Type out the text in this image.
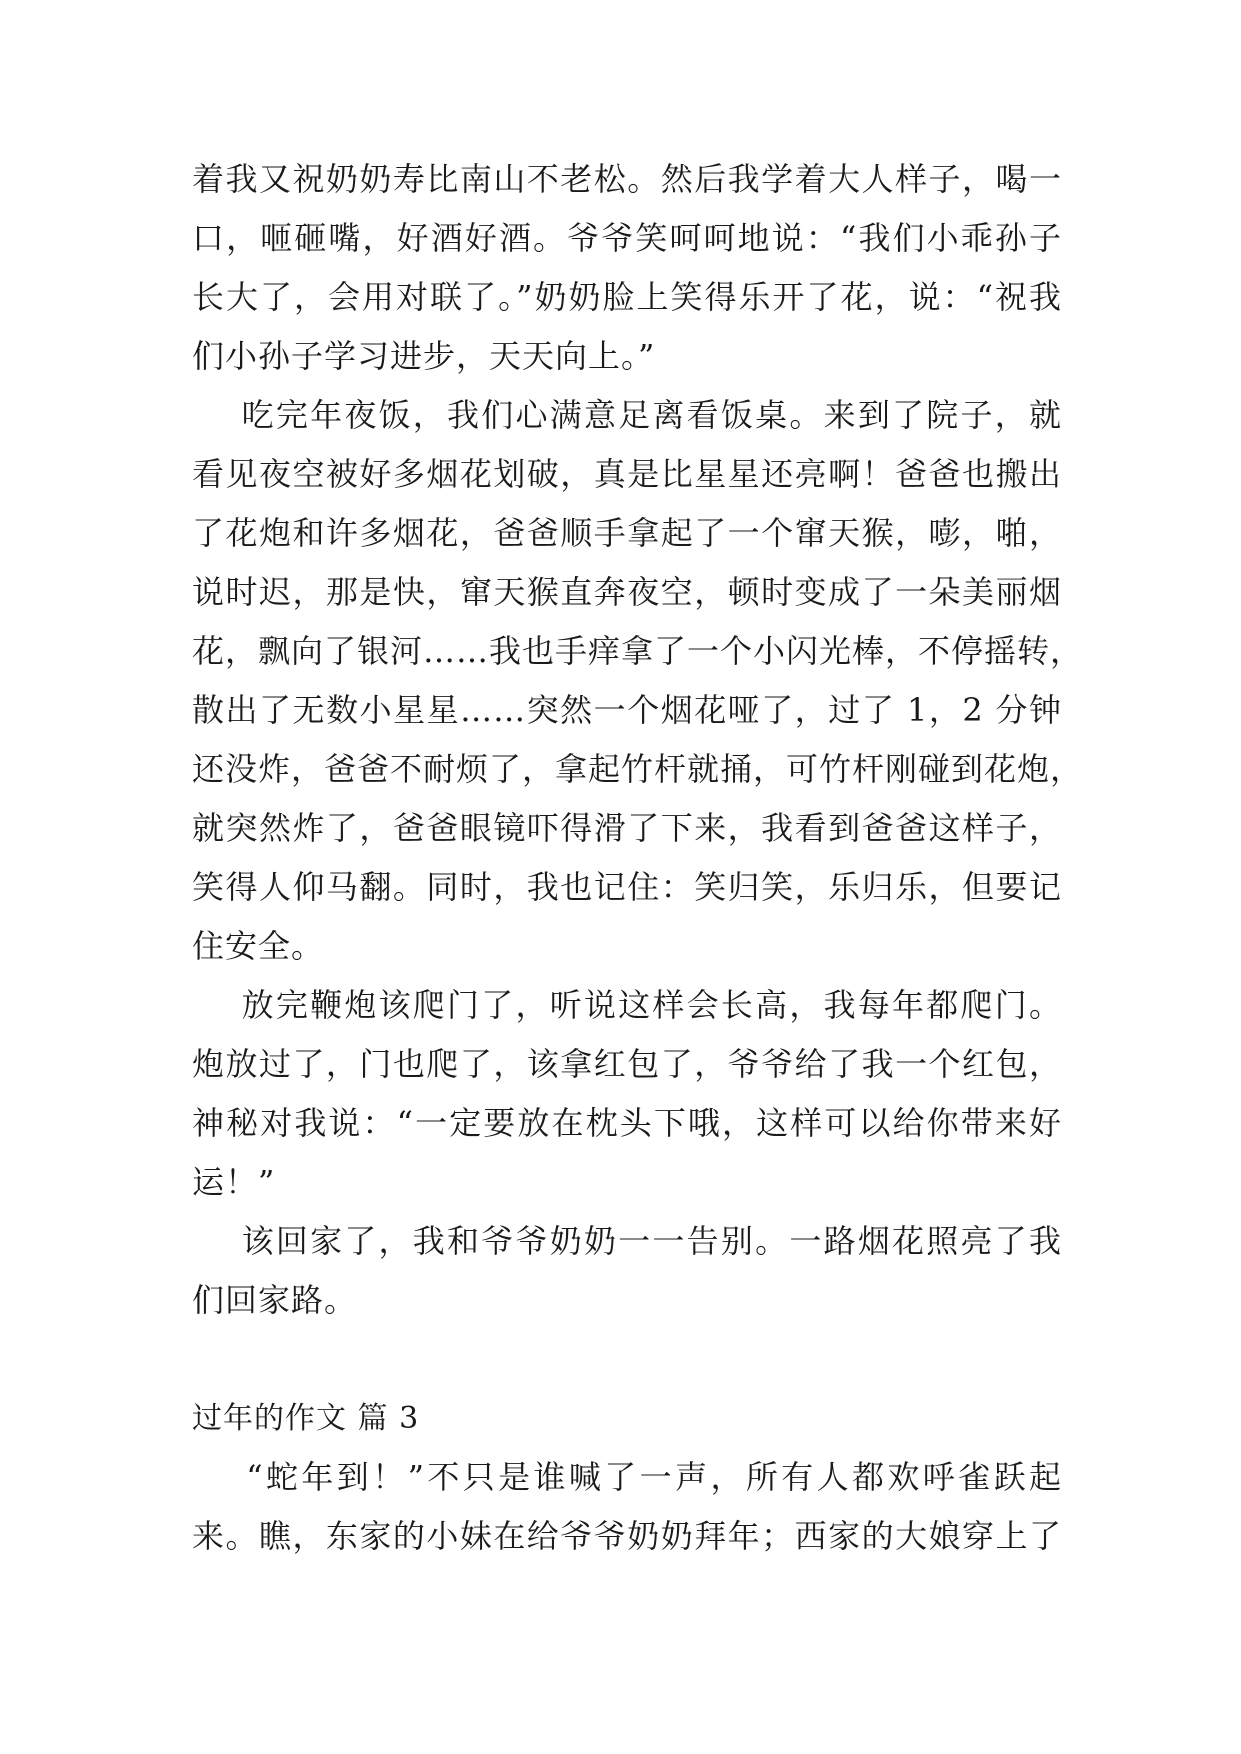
着我又祝奶奶寿比南山不老松。然后我学着大人样子，喝一
口，咂砸嘴，好酒好酒。爷爷笑呵呵地说：“我们小乖孙子
长大了，会用对联了。”奶奶脸上笑得乐开了花，说：“祝我
们小孙子学习进步，天天向上。”
吃完年夜饭，我们心满意足离看饭桌。来到了院子，就
看见夜空被好多烟花划破，真是比星星还亮啊！爸爸也搬出
了花炮和许多烟花，爸爸顺手拿起了一个窜天猴，嘭，啪，
说时迟，那是快，窜天猴直奔夜空，顿时变成了一朵美丽烟
花，飘向了银河……我也手痒拿了一个小闪光棒，不停摇转，
散出了无数小星星……突然一个烟花哑了，过了 1，2 分钟
还没炸，爸爸不耐烦了，拿起竹杆就捅，可竹杆刚碰到花炮，
就突然炸了，爸爸眼镜吓得滑了下来，我看到爸爸这样子，
笑得人仰马翻。同时，我也记住：笑归笑，乐归乐，但要记
住安全。
放完鞭炮该爬门了，听说这样会长高，我每年都爬门。
炮放过了，门也爬了，该拿红包了，爷爷给了我一个红包，
神秘对我说：“一定要放在枕头下哦，这样可以给你带来好
运！”
该回家了，我和爷爷奶奶一一告别。一路烟花照亮了我
们回家路。
过年的作文 篇 3
“蛇年到！”不只是谁喊了一声，所有人都欢呼雀跃起
来。瞧，东家的小妹在给爷爷奶奶拜年；西家的大娘穿上了
